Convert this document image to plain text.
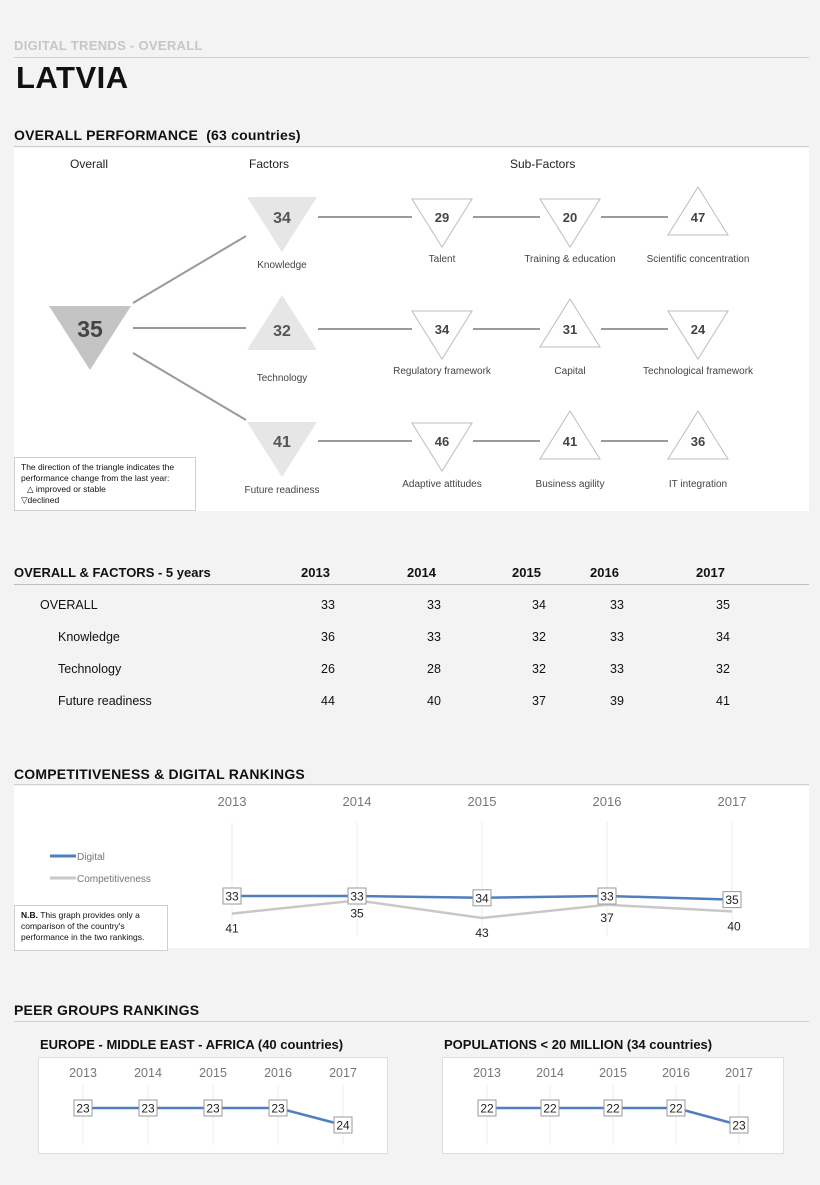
DIGITAL TRENDS - OVERALL
LATVIA
OVERALL PERFORMANCE (63 countries)
Overall	Factors	Sub-Factors
35
34
32
41
29	20	47
34	31	24
46	41	36
Knowledge
Technology
Future readiness
Talent	Training & education	Scientific concentration
Regulatory framework	Capital	Technological framework
Adaptive attitudes	Business agility	IT integration
The direction of the triangle indicates the
performance change from the last year:
△ improved or stable
▽declined
OVERALL & FACTORS - 5 years	2013	2014	2015	2016	2017
OVERALL	33	33	34	33	35
Knowledge	36	33	32	33	34
Technology	26	28	32	33	32
Future readiness	44	40	37	39	41
COMPETITIVENESS & DIGITAL RANKINGS
N.B. This graph provides only a
comparison of the country's
performance in the two rankings.
2013	2014	2015	2016	2017
Digital
Competitiveness
41
35
43
37
40
33	33	34	33	35
PEER GROUPS RANKINGS
EUROPE - MIDDLE EAST - AFRICA (40 countries)	POPULATIONS < 20 MILLION (34 countries)
2013	2014	2015	2016	2017
23	23	23	23
24
2013	2014	2015	2016	2017
22	22	22	22
23
